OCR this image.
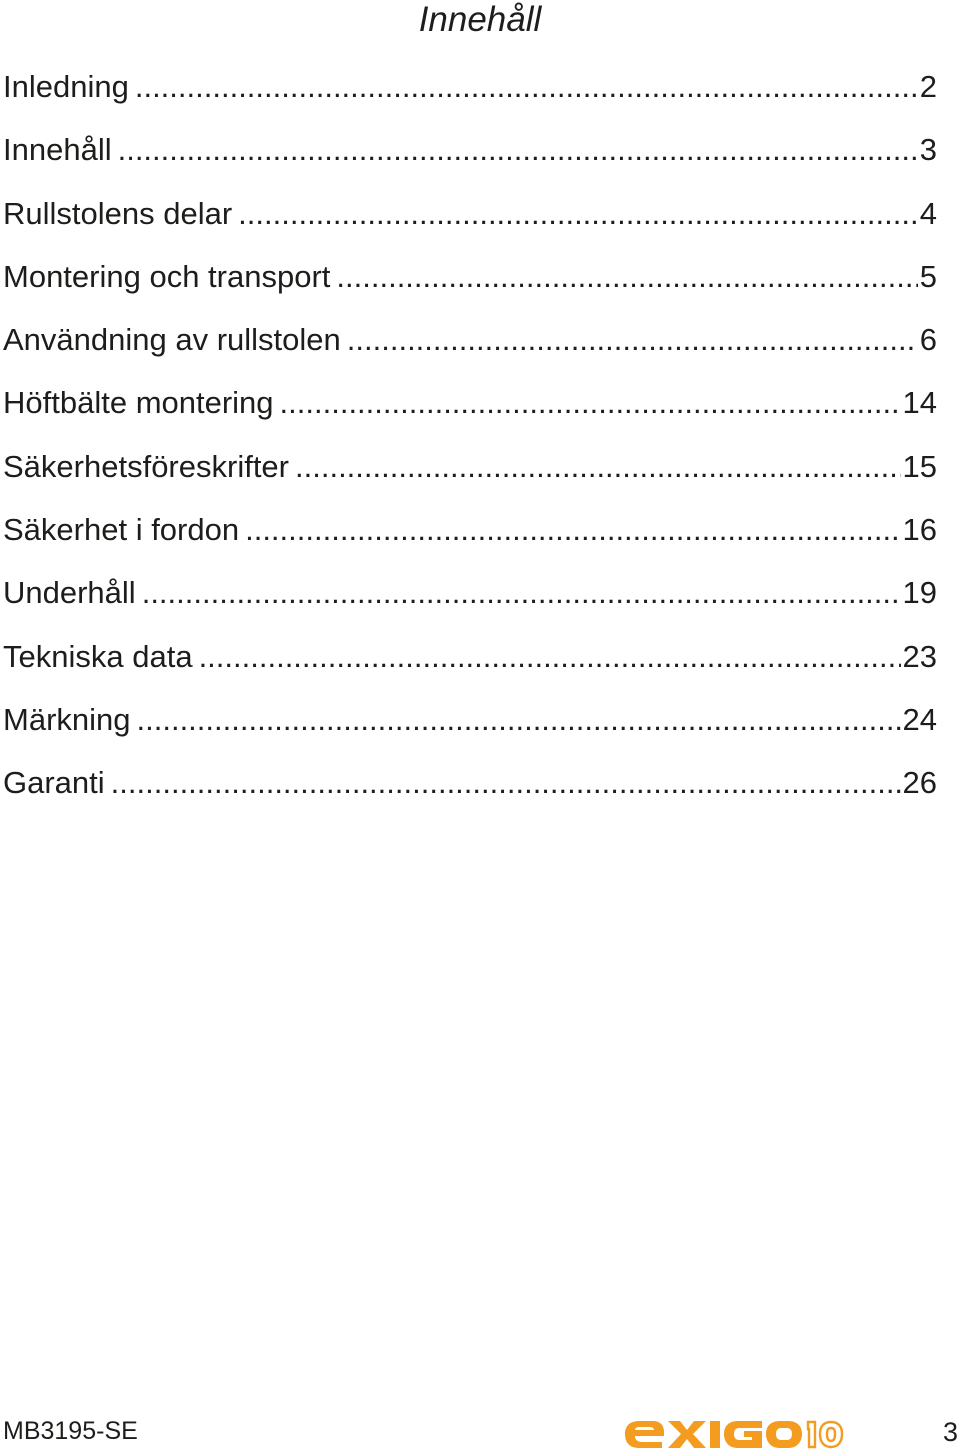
Innehåll
Inledning .....	2
Innehåll .....	3
Rullstolens delar .....	4
Montering och transport .....	5
Användning av rullstolen .....	6
Höftbälte montering .....	14
Säkerhetsföreskrifter .....	15
Säkerhet i fordon .....	16
Underhåll .....	19
Tekniska data .....	23
Märkning .....	24
Garanti .....	26
MB3195-SE	3
